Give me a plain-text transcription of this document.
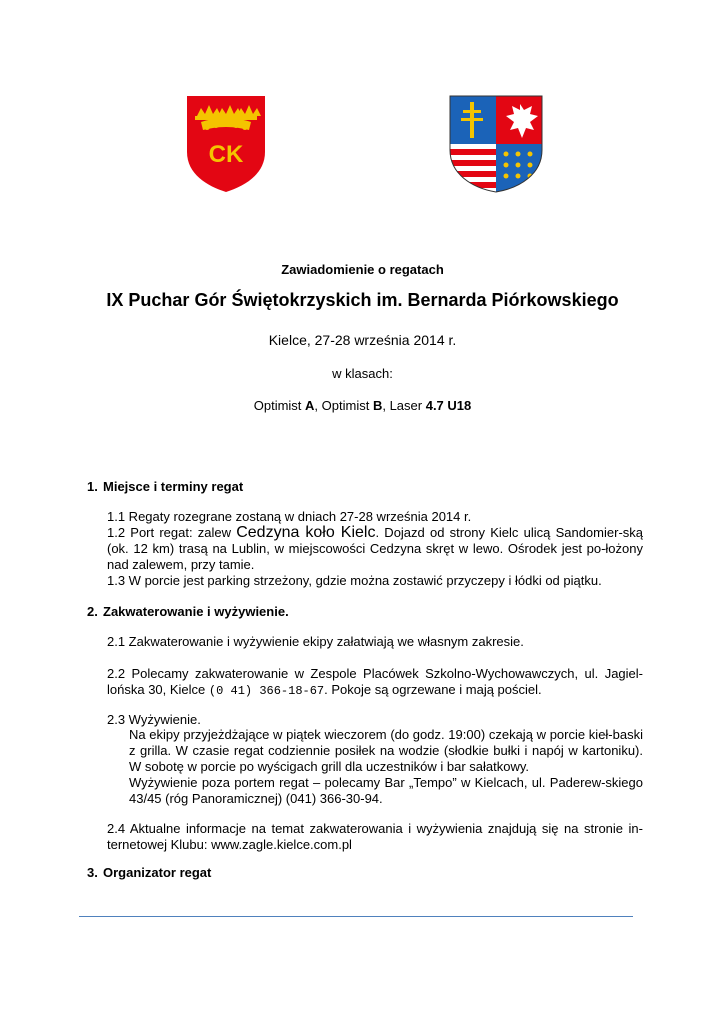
CK
Zawiadomienie o regatach
IX Puchar Gór Świętokrzyskich im. Bernarda Piórkowskiego
Kielce, 27-28 września 2014 r.
w klasach:
Optimist A, Optimist B, Laser 4.7 U18
1. Miejsce i terminy regat
1.1 Regaty rozegrane zostaną w dniach 27-28 września 2014 r.
1.2 Port regat: zalew Cedzyna koło Kielc. Dojazd od strony Kielc ulicą Sandomier-ską (ok. 12 km) trasą na Lublin, w miejscowości Cedzyna skręt w lewo. Ośrodek jest po-łożony nad zalewem, przy tamie.
1.3 W porcie jest parking strzeżony, gdzie można zostawić przyczepy i łódki od piątku.
2. Zakwaterowanie i wyżywienie.
2.1 Zakwaterowanie i wyżywienie ekipy załatwiają we własnym zakresie.
2.2 Polecamy zakwaterowanie w Zespole Placówek Szkolno-Wychowawczych, ul. Jagiel-lońska 30, Kielce (0 41) 366-18-67. Pokoje są ogrzewane i mają pościel.
2.3 Wyżywienie.
Na ekipy przyjeżdżające w piątek wieczorem (do godz. 19:00) czekają w porcie kieł-baski z grilla. W czasie regat codziennie posiłek na wodzie (słodkie bułki i napój w kartoniku). W sobotę w porcie po wyścigach grill dla uczestników i bar sałatkowy.
Wyżywienie poza portem regat – polecamy Bar „Tempo” w Kielcach, ul. Paderew-skiego 43/45 (róg Panoramicznej) (041) 366-30-94.
2.4 Aktualne informacje na temat zakwaterowania i wyżywienia znajdują się na stronie in-ternetowej Klubu: www.zagle.kielce.com.pl
3. Organizator regat
